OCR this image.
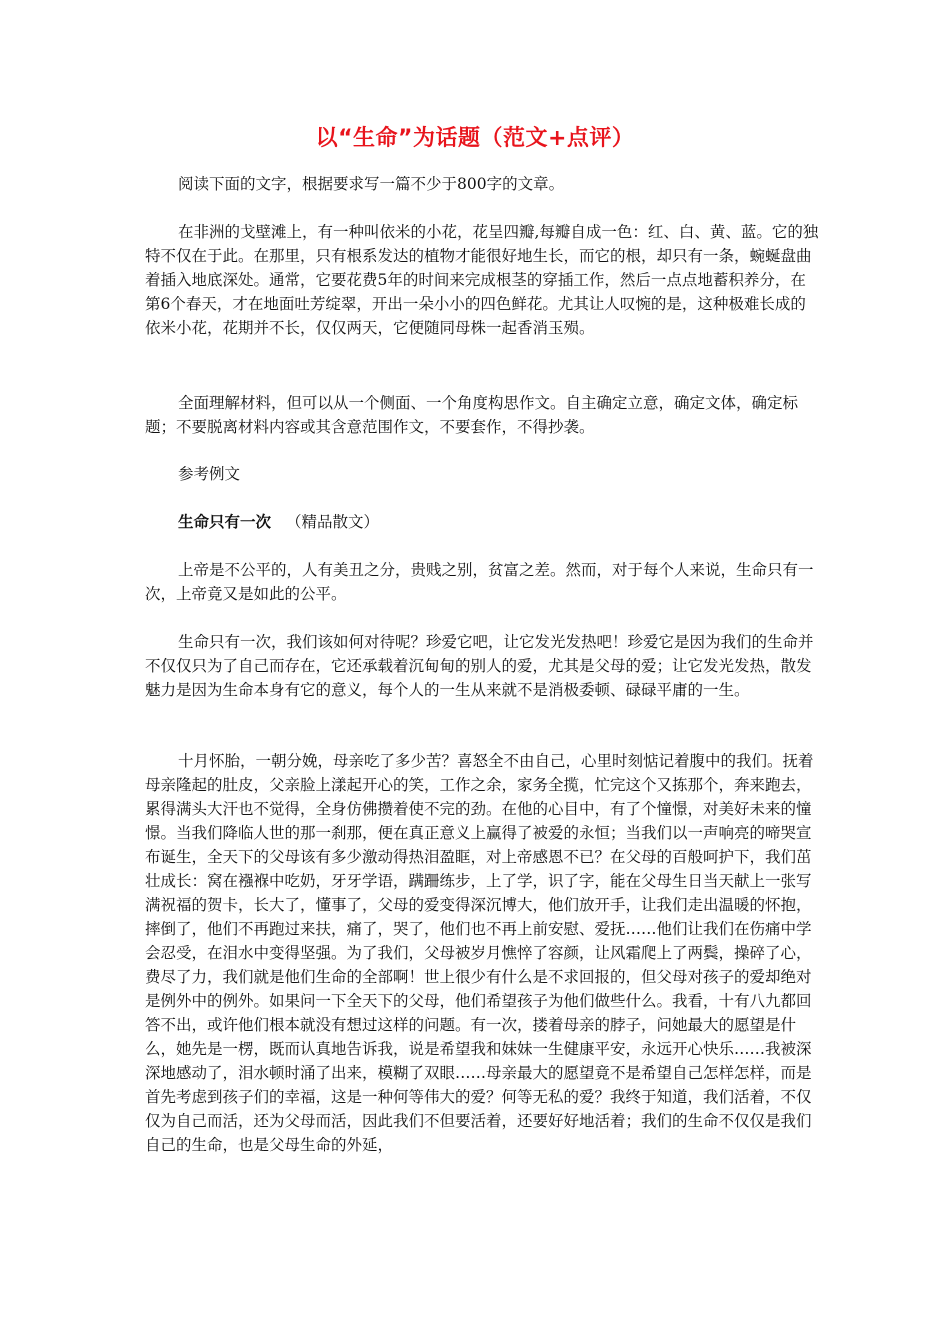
以“生命”为话题（范文+点评）
阅读下面的文字，根据要求写一篇不少于800字的文章。
在非洲的戈壁滩上，有一种叫依米的小花，花呈四瓣,每瓣自成一色：红、白、黄、蓝。它的独特不仅在于此。在那里，只有根系发达的植物才能很好地生长，而它的根，却只有一条，蜿蜒盘曲着插入地底深处。通常，它要花费5年的时间来完成根茎的穿插工作，然后一点点地蓄积养分，在第6个春天，才在地面吐芳绽翠，开出一朵小小的四色鲜花。尤其让人叹惋的是，这种极难长成的依米小花，花期并不长，仅仅两天，它便随同母株一起香消玉殒。
全面理解材料，但可以从一个侧面、一个角度构思作文。自主确定立意，确定文体，确定标题；不要脱离材料内容或其含意范围作文，不要套作，不得抄袭。
参考例文
生命只有一次 （精品散文）
上帝是不公平的，人有美丑之分，贵贱之别，贫富之差。然而，对于每个人来说，生命只有一次，上帝竟又是如此的公平。
生命只有一次，我们该如何对待呢？珍爱它吧，让它发光发热吧！珍爱它是因为我们的生命并不仅仅只为了自己而存在，它还承载着沉甸甸的别人的爱，尤其是父母的爱；让它发光发热，散发魅力是因为生命本身有它的意义，每个人的一生从来就不是消极委顿、碌碌平庸的一生。
十月怀胎，一朝分娩，母亲吃了多少苦？喜怒全不由自己，心里时刻惦记着腹中的我们。抚着母亲隆起的肚皮，父亲脸上漾起开心的笑，工作之余，家务全揽，忙完这个又拣那个，奔来跑去，累得满头大汗也不觉得，全身仿佛攒着使不完的劲。在他的心目中，有了个憧憬，对美好未来的憧憬。当我们降临人世的那一刹那，便在真正意义上赢得了被爱的永恒；当我们以一声响亮的啼哭宣布诞生，全天下的父母该有多少激动得热泪盈眶，对上帝感恩不已？在父母的百般呵护下，我们茁壮成长：窝在襁褓中吃奶，牙牙学语，蹒跚练步，上了学，识了字，能在父母生日当天献上一张写满祝福的贺卡，长大了，懂事了，父母的爱变得深沉博大，他们放开手，让我们走出温暖的怀抱，摔倒了，他们不再跑过来扶，痛了，哭了，他们也不再上前安慰、爱抚……他们让我们在伤痛中学会忍受，在泪水中变得坚强。为了我们，父母被岁月憔悴了容颜，让风霜爬上了两鬓，操碎了心，费尽了力，我们就是他们生命的全部啊！世上很少有什么是不求回报的，但父母对孩子的爱却绝对是例外中的例外。如果问一下全天下的父母，他们希望孩子为他们做些什么。我看，十有八九都回答不出，或许他们根本就没有想过这样的问题。有一次，搂着母亲的脖子，问她最大的愿望是什么，她先是一楞，既而认真地告诉我，说是希望我和妹妹一生健康平安，永远开心快乐……我被深深地感动了，泪水顿时涌了出来，模糊了双眼……母亲最大的愿望竟不是希望自己怎样怎样，而是首先考虑到孩子们的幸福，这是一种何等伟大的爱？何等无私的爱？我终于知道，我们活着，不仅仅为自己而活，还为父母而活，因此我们不但要活着，还要好好地活着；我们的生命不仅仅是我们自己的生命，也是父母生命的外延，
